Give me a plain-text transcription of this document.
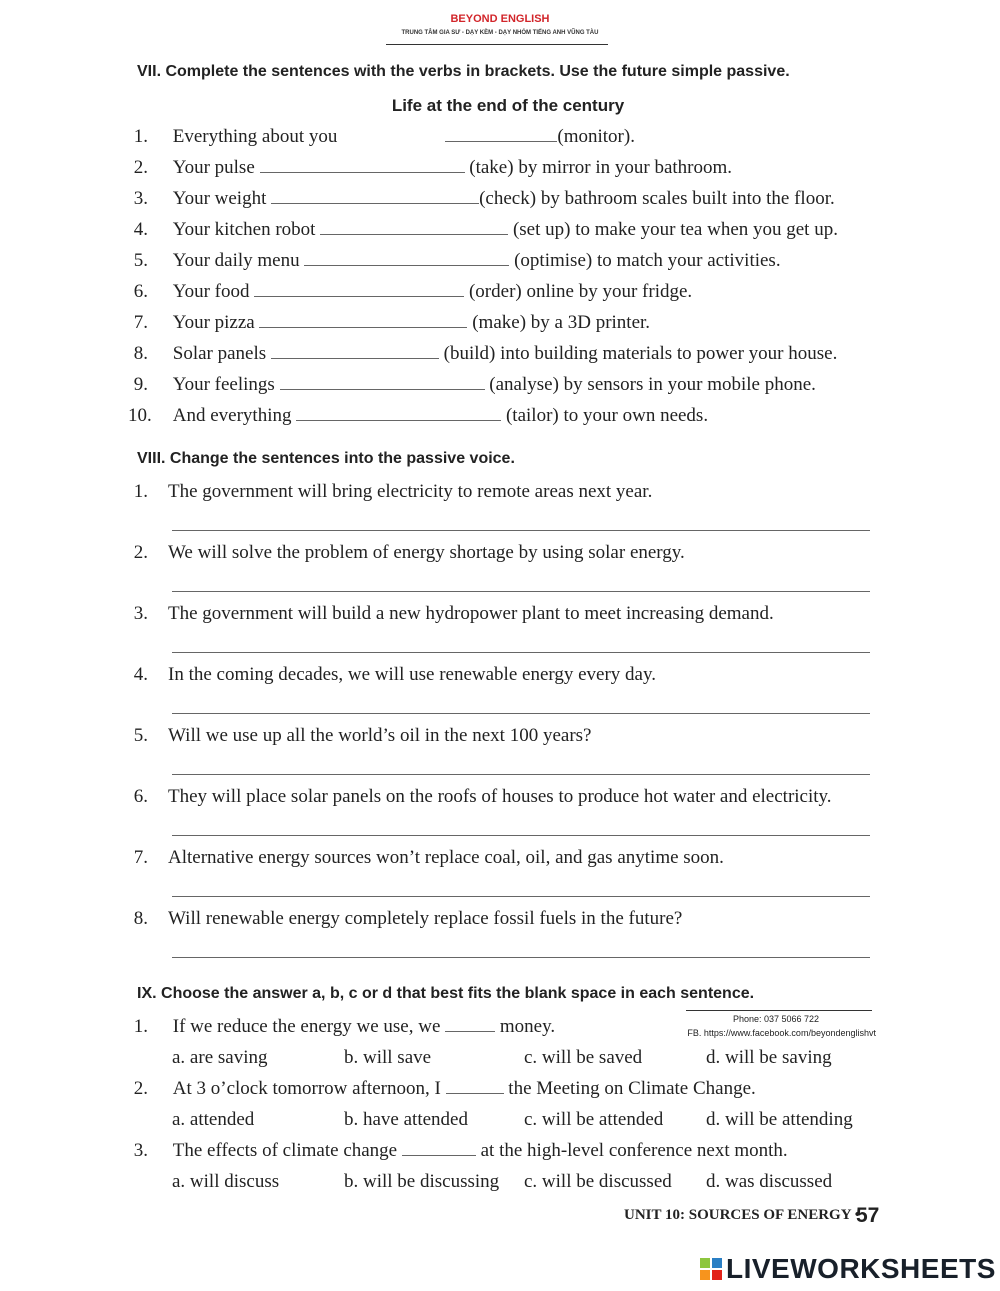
BEYOND ENGLISH
TRUNG TÂM GIA SƯ - DẠY KÈM - DẠY NHÓM TIẾNG ANH VŨNG TÀU
VII. Complete the sentences with the verbs in brackets. Use the future simple passive.
Life at the end of the century
1. Everything about you	(monitor).
2. Your pulse	(take) by mirror in your bathroom.
3. Your weight	(check) by bathroom scales built into the floor.
4. Your kitchen robot	(set up) to make your tea when you get up.
5. Your daily menu	(optimise) to match your activities.
6. Your food	(order) online by your fridge.
7. Your pizza	(make) by a 3D printer.
8. Solar panels	(build) into building materials to power your house.
9. Your feelings	(analyse) by sensors in your mobile phone.
10. And everything	(tailor) to your own needs.
VIII. Change the sentences into the passive voice.
1. The government will bring electricity to remote areas next year.
2. We will solve the problem of energy shortage by using solar energy.
3. The government will build a new hydropower plant to meet increasing demand.
4. In the coming decades, we will use renewable energy every day.
5. Will we use up all the world’s oil in the next 100 years?
6. They will place solar panels on the roofs of houses to produce hot water and electricity.
7. Alternative energy sources won’t replace coal, oil, and gas anytime soon.
8. Will renewable energy completely replace fossil fuels in the future?
IX. Choose the answer a, b, c or d that best fits the blank space in each sentence.
Phone: 037 5066 722
FB. https://www.facebook.com/beyondenglishvt
1. If we reduce the energy we use, we	money.
a. are saving	b. will save	c. will be saved	d. will be saving
2. At 3 o’clock tomorrow afternoon, I	the Meeting on Climate Change.
a. attended	b. have attended	c. will be attended d. will be attending
3. The effects of climate change	at the high-level conference next month.
a. will discuss	b. will be discussing c. will be discussed d. was discussed
UNIT 10: SOURCES OF ENERGY •
57
LIVEWORKSHEETS
